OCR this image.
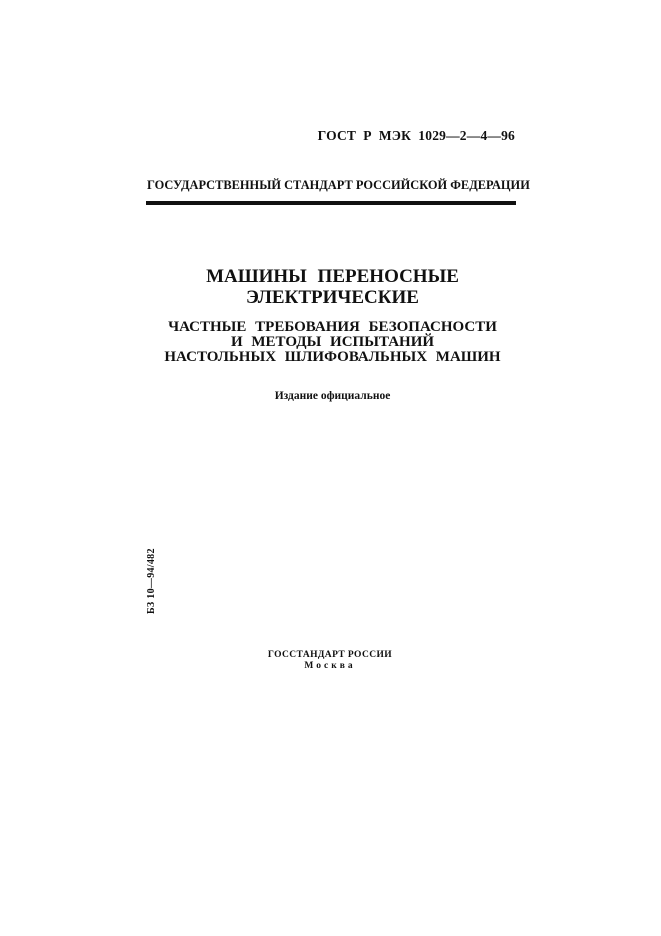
ГОСТ  Р  МЭК  1029—2—4—96
ГОСУДАРСТВЕННЫЙ СТАНДАРТ РОССИЙСКОЙ ФЕДЕРАЦИИ
МАШИНЫ ПЕРЕНОСНЫЕ
ЭЛЕКТРИЧЕСКИЕ
ЧАСТНЫЕ ТРЕБОВАНИЯ БЕЗОПАСНОСТИ
И МЕТОДЫ ИСПЫТАНИЙ
НАСТОЛЬНЫХ ШЛИФОВАЛЬНЫХ МАШИН
Издание официальное
БЗ 10—94/482
ГОССТАНДАРТ РОССИИ
Москва
